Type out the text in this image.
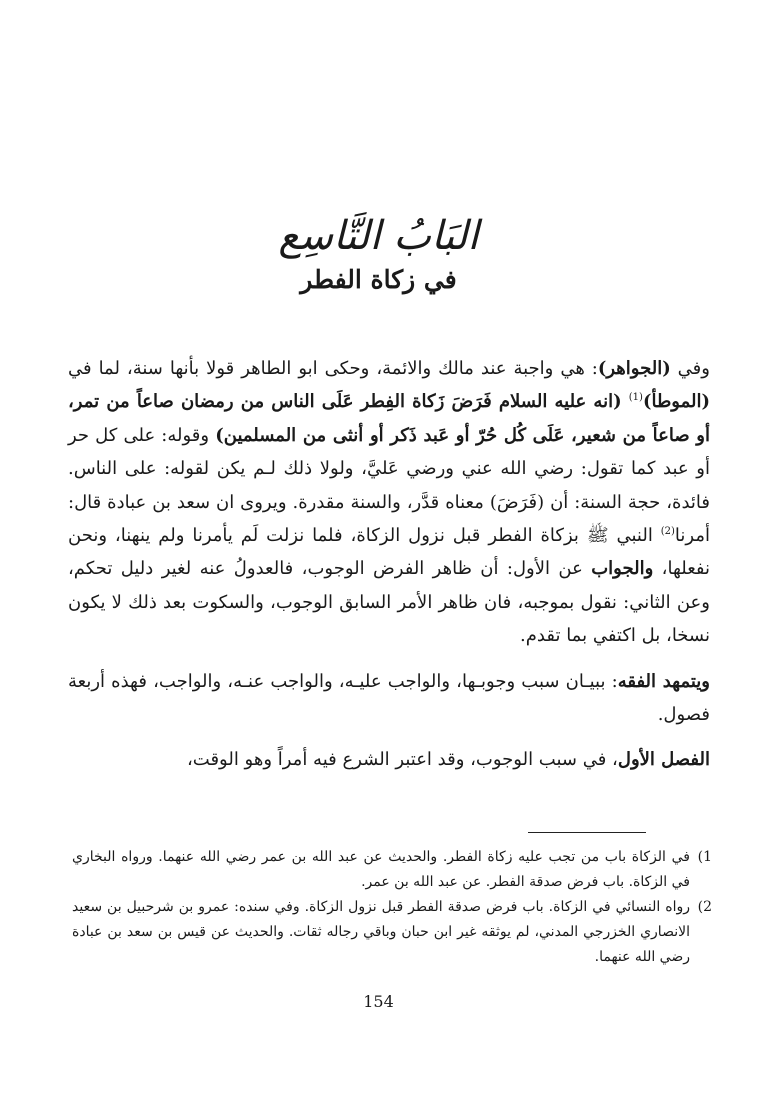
البَابُ التَّاسِع
في زكاة الفطر

وفي (الجواهر): هي واجبة عند مالك والائمة، وحكى ابو الطاهر قولا بأنها سنة، لما في (الموطأ)$^{(1)}$ (انه عليه السلام فَرَضَ زَكاة الفِطر عَلَى الناس من رمضان صاعاً من تمر، أو صاعاً من شعير، عَلَى كُل حُرّ أو عَبد ذَكر أو أنثى من المسلمين) وقوله: على كل حر أو عبد كما تقول: رضي الله عني ورضي عَليَّ، ولولا ذلك لـم يكن لقوله: على الناس. فائدة، حجة السنة: أن (فَرَضَ) معناه قدَّر، والسنة مقدرة. ويروى ان سعد بن عبادة قال: أمرنا$^{(2)}$ النبي ﷺ بزكاة الفطر قبل نزول الزكاة، فلما نزلت لَم يأمرنا ولم ينهنا، ونحن نفعلها، والجواب عن الأول: أن ظاهر الفرض الوجوب، فالعدولُ عنه لغير دليل تحكم، وعن الثاني: نقول بموجبه، فان ظاهر الأمر السابق الوجوب، والسكوت بعد ذلك لا يكون نسخا، بل اكتفي بما تقدم.

ويتمهد الفقه: ببيـان سبب وجوبـها، والواجب عليـه، والواجب عنـه، والواجب، فهذه أربعة فصول.

الفصل الأول، في سبب الوجوب، وقد اعتبر الشرع فيه أمراً وهو الوقت،

1)
في الزكاة باب من تجب عليه زكاة الفطر. والحديث عن عبد الله بن عمر رضي الله عنهما. ورواه البخاري في الزكاة. باب فرض صدقة الفطر. عن عبد الله بن عمر.
2)
رواه النسائي في الزكاة. باب فرض صدقة الفطر قبل نزول الزكاة. وفي سنده: عمرو بن شرحبيل بن سعيد الانصاري الخزرجي المدني، لم يوثقه غير ابن حبان وباقي رجاله ثقات. والحديث عن قيس بن سعد بن عبادة رضي الله عنهما.
154
